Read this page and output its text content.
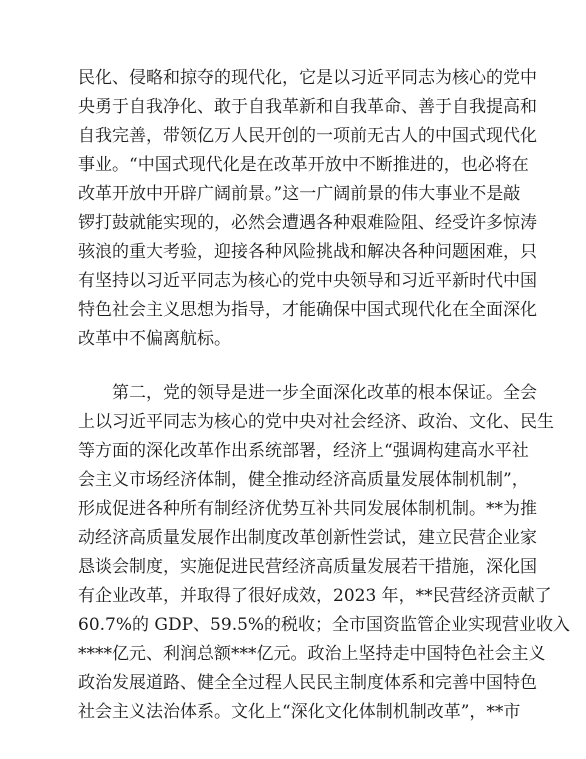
民化、侵略和掠夺的现代化，它是以习近平同志为核心的党中
央勇于自我净化、敢于自我革新和自我革命、善于自我提高和
自我完善，带领亿万人民开创的一项前无古人的中国式现代化
事业。“中国式现代化是在改革开放中不断推进的，也必将在
改革开放中开辟广阔前景。”这一广阔前景的伟大事业不是敲
锣打鼓就能实现的，必然会遭遇各种艰难险阻、经受许多惊涛
骇浪的重大考验，迎接各种风险挑战和解决各种问题困难，只
有坚持以习近平同志为核心的党中央领导和习近平新时代中国
特色社会主义思想为指导，才能确保中国式现代化在全面深化
改革中不偏离航标。
第二，党的领导是进一步全面深化改革的根本保证。全会
上以习近平同志为核心的党中央对社会经济、政治、文化、民生
等方面的深化改革作出系统部署，经济上“强调构建高水平社
会主义市场经济体制，健全推动经济高质量发展体制机制”，
形成促进各种所有制经济优势互补共同发展体制机制。**为推
动经济高质量发展作出制度改革创新性尝试，建立民营企业家
恳谈会制度，实施促进民营经济高质量发展若干措施，深化国
有企业改革，并取得了很好成效，2023 年，**民营经济贡献了
60.7%的 GDP、59.5%的税收；全市国资监管企业实现营业收入
****亿元、利润总额***亿元。政治上坚持走中国特色社会主义
政治发展道路、健全全过程人民民主制度体系和完善中国特色
社会主义法治体系。文化上“深化文化体制机制改革”，**市
